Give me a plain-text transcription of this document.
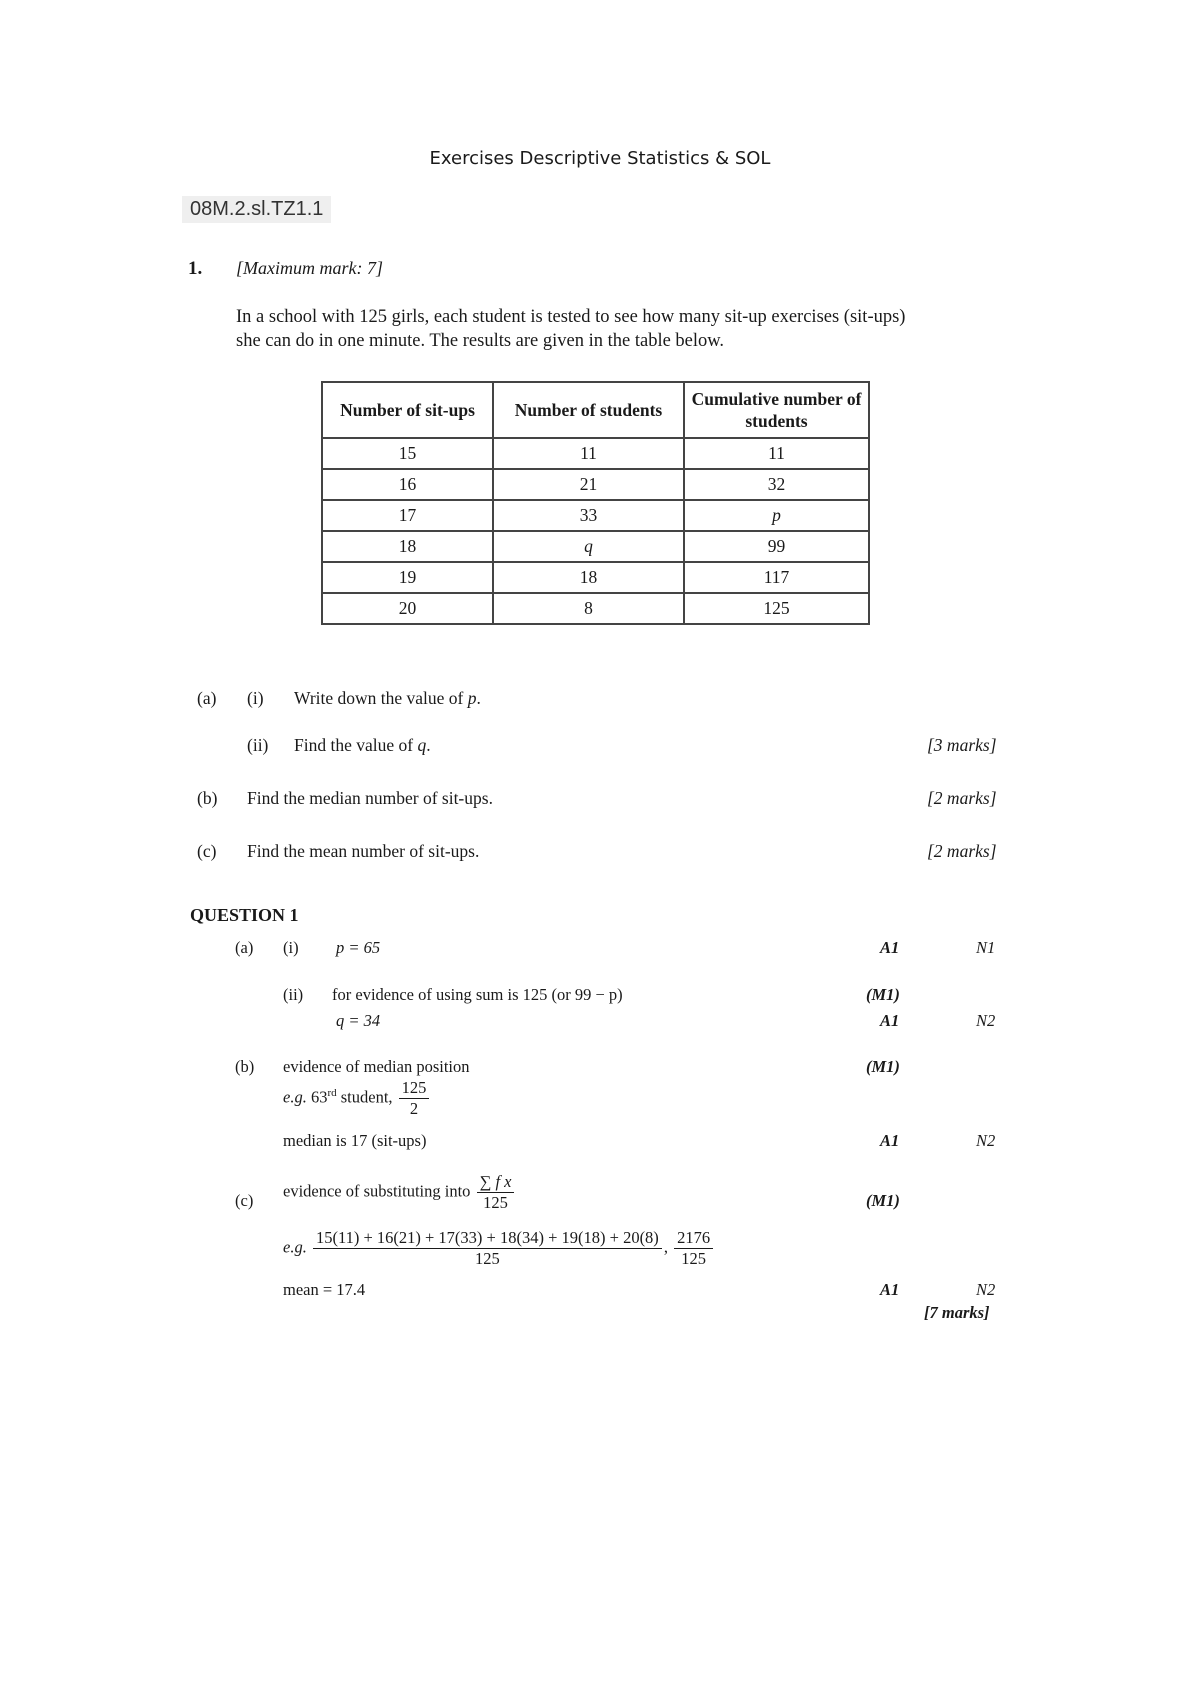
Exercises Descriptive Statistics & SOL
08M.2.sl.TZ1.1
1. [Maximum mark: 7]
In a school with 125 girls, each student is tested to see how many sit-up exercises (sit-ups)
she can do in one minute. The results are given in the table below.
Number of sit-ups	Number of students	Cumulative number of students
15	11	11
16	21	32
17	33	p
18	q	99
19	18	117
20	8	125
(a) (i) Write down the value of p.
(ii) Find the value of q.	[3 marks]
(b) Find the median number of sit-ups.	[2 marks]
(c) Find the mean number of sit-ups.	[2 marks]
QUESTION 1
(a) (i) p = 65	A1	N1
(ii) for evidence of using sum is 125 (or 99 − p)	(M1)
q = 34	A1	N2
(b) evidence of median position	(M1)
e.g. 63rd student, $\frac{125}{2}$
median is 17 (sit-ups)	A1	N2
(c)
evidence of substituting into $\frac{\text{∑ f x}}{125}$	(M1)
e.g. $\frac{15(11) + 16(21) + 17(33) + 18(34) + 19(18) + 20(8)}{125}$ , $\frac{2176}{125}$
mean = 17.4	A1	N2
[7 marks]
